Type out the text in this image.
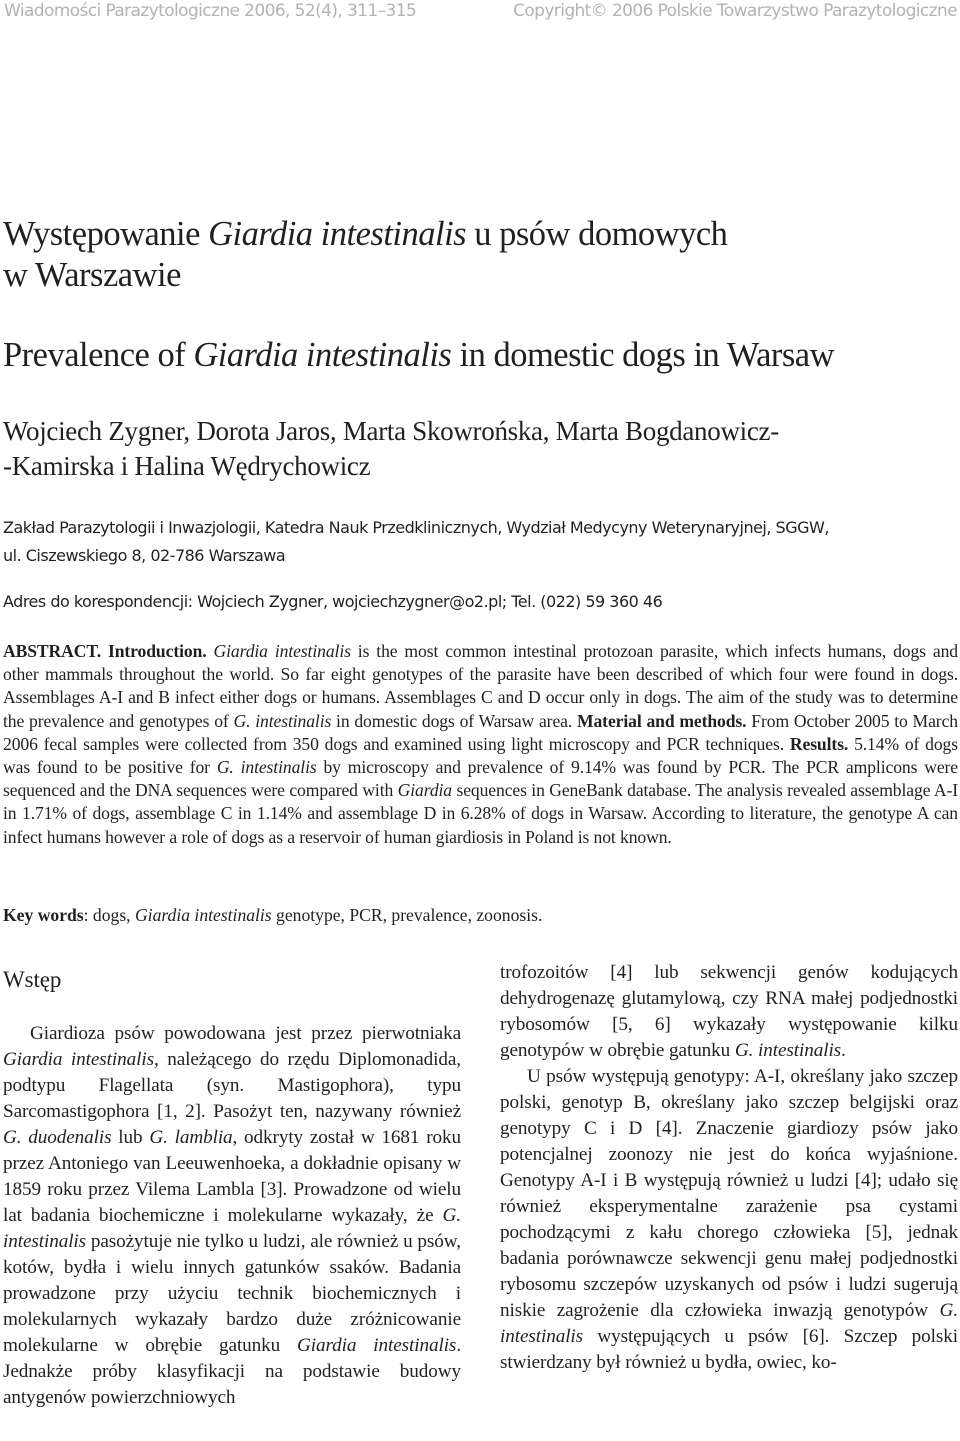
Wiadomości Parazytologiczne 2006, 52(4), 311–315	Copyright© 2006 Polskie Towarzystwo Parazytologiczne
Występowanie Giardia intestinalis u psów domowych
w Warszawie
Prevalence of Giardia intestinalis in domestic dogs in Warsaw
Wojciech Zygner, Dorota Jaros, Marta Skowrońska, Marta Bogdanowicz-
-Kamirska i Halina Wędrychowicz
Zakład Parazytologii i Inwazjologii, Katedra Nauk Przedklinicznych, Wydział Medycyny Weterynaryjnej, SGGW,
ul. Ciszewskiego 8, 02-786 Warszawa
Adres do korespondencji: Wojciech Zygner, wojciechzygner@o2.pl; Tel. (022) 59 360 46
ABSTRACT. Introduction. Giardia intestinalis is the most common intestinal protozoan parasite, which infects humans, dogs and other mammals throughout the world. So far eight genotypes of the parasite have been described of which four were found in dogs. Assemblages A-I and B infect either dogs or humans. Assemblages C and D occur only in dogs. The aim of the study was to determine the prevalence and genotypes of G. intestinalis in domestic dogs of Warsaw area. Material and methods. From October 2005 to March 2006 fecal samples were collected from 350 dogs and examined using light microscopy and PCR techniques. Results. 5.14% of dogs was found to be positive for G. intestinalis by microscopy and prevalence of 9.14% was found by PCR. The PCR amplicons were sequenced and the DNA sequences were compared with Giardia sequences in GeneBank database. The analysis revealed assemblage A-I in 1.71% of dogs, assemblage C in 1.14% and assemblage D in 6.28% of dogs in Warsaw. According to literature, the genotype A can infect humans however a role of dogs as a reservoir of human giardiosis in Poland is not known.
Key words: dogs, Giardia intestinalis genotype, PCR, prevalence, zoonosis.
Wstęp

Giardioza psów powodowana jest przez pierwotniaka Giardia intestinalis, należącego do rzędu Diplomonadida, podtypu Flagellata (syn. Mastigophora), typu Sarcomastigophora [1, 2]. Pasożyt ten, nazywany również G. duodenalis lub G. lamblia, odkryty został w 1681 roku przez Antoniego van Leeuwenhoeka, a dokładnie opisany w 1859 roku przez Vilema Lambla [3]. Prowadzone od wielu lat badania biochemiczne i molekularne wykazały, że G. intestinalis pasożytuje nie tylko u ludzi, ale również u psów, kotów, bydła i wielu innych gatunków ssaków. Badania prowadzone przy użyciu technik biochemicznych i molekularnych wykazały bardzo duże zróżnicowanie molekularne w obrębie gatunku Giardia intestinalis. Jednakże próby klasyfikacji na podstawie budowy antygenów powierzchniowych

trofozoitów [4] lub sekwencji genów kodujących dehydrogenazę glutamylową, czy RNA małej podjednostki rybosomów [5, 6] wykazały występowanie kilku genotypów w obrębie gatunku G. intestinalis.

U psów występują genotypy: A-I, określany jako szczep polski, genotyp B, określany jako szczep belgijski oraz genotypy C i D [4]. Znaczenie giardiozy psów jako potencjalnej zoonozy nie jest do końca wyjaśnione. Genotypy A-I i B występują również u ludzi [4]; udało się również eksperymentalne zarażenie psa cystami pochodzącymi z kału chorego człowieka [5], jednak badania porównawcze sekwencji genu małej podjednostki rybosomu szczepów uzyskanych od psów i ludzi sugerują niskie zagrożenie dla człowieka inwazją genotypów G. intestinalis występujących u psów [6]. Szczep polski stwierdzany był również u bydła, owiec, ko-
